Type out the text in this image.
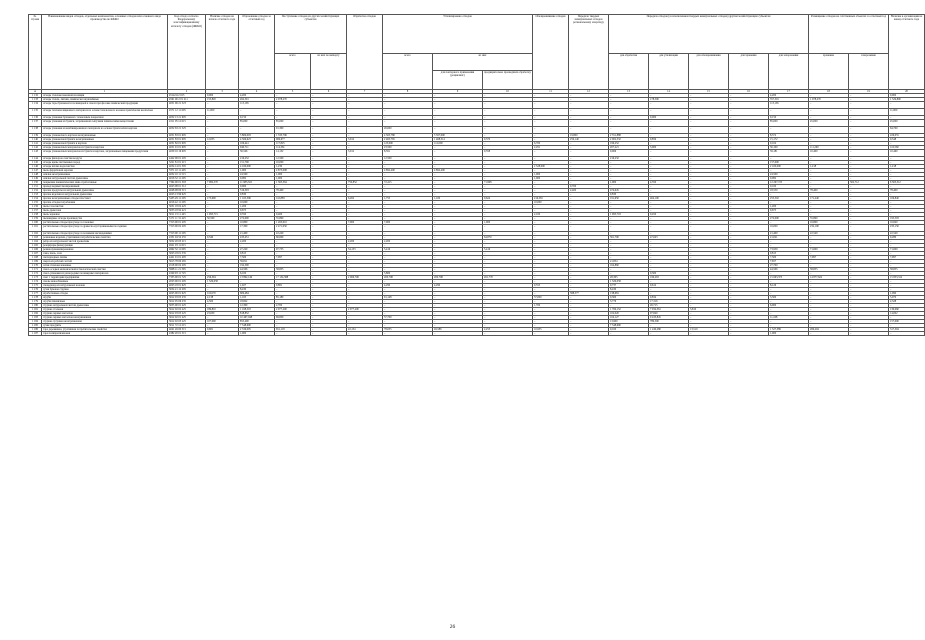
№ строки	Наименование видов отходов, отдельных компонентов, основных отходов или основного вида производства по ФККО	Код отхода согласно Федеральному классификационному каталогу отходов (ФККО)	Наличие отходов на начало отчетного года	Образование отходов за отчетный год	Поступление отходов из других хозяйствующих субъектов		Обработка отходов	Утилизировано отходов			Обезвреживание отходов	Передача твердых коммунальных отходов региональному оператору	Передача отходов (за исключением твердых коммунальных отходов) другим хозяйствующим субъектам					Размещение отходов на собственных объектах за отчетный год		Наличие в организации на конец отчетного года
					всего	из них по импорту		всего	из них				для обработки	для утилизации	для обезвреживания	для хранения	для захоронения	хранение	захоронение	
									для повторного применения (рециклинг)	предварительно прошедших обработку										
А	1	2	3	4	5	6	7	8	9	10	11	12	13	14	15	16	17	18	19	20
1 132	отходы стекловолоконной изоляции	45142112 615	0,000	4,200	–	–	–	–	–	–	–	–	–	–	–	–	4,200	–	–	0,000
1 133	отходы стекла, лигнин, химически загрязнённые	4561 00 2 01 211	155,820	492,591	2 078,270	–	–	–	–	–	–	–	–	178,500	–	–	357,501	1 078,270	–	1 529,800
1 134	отходы тары бумажной и полимерной в смеси при фасовке химической продукции	4051 96 21 523	–	113,165	–	–	–	–	–	–	–	–	–	–	–	–	113,165	–	–	–
1 135	отходы теплоизоляционного материала на основе базальтового волокна практически неопасные	4571 12 11 605	11,000	–	–	–	–	–	–	–	–	–	–	–	–	–	–	–	–	11,000
1 136	отходы упаковки бумажной с пленочным покрытием	4052 13 21 605	–	9,150	–	–	–	–	–	–	–	–	–	0,000	–	–	9,150	–	–	–
1 137	отходы упаковки из бумаги, загрязненной сыпучими химическими веществами	4311 05 12 615	–	85,000	85,000	–	–	–	–	–	–	–	–	–	–	–	85,000	45,000	–	45,000
1 138	отходы упаковки из комбинированного материала на основе бумаги и/или картона	4052 63 21 525	–	–	91,300	–	–	26,600	–	–	–	–	–	–	–	–	–	–	–	64,700
1 139	отходы упаковочного картона незагрязненные	4051 83 01 605	–	5 809,003	1 333,796	–	–	4 565,780	3 597,000	–	–	19,800	2 551,888	–	–	–	8,372	–	–	226,055
1 140	отходы упаковочной бумаги незагрязненные	4051 83 01 605	12,655	4 566,623	969,677	–	3,912	2 465,765	1 468,514	0,370	–	259,140	2 002,532	0,859	–	–	15,172	–	–	0,548
1 141	отходы упаковочной бумаги и картона	4051 82 01 605	–	106,441	117,825	–	–	125,000	112,000	–	6,700	–	196,252	–	–	–	0,104	–	–	–
1 142	отходы упаковочных материалов из бумаги и картона	4051 91 01 605	–	940,711	114,361	–	–	23,500	–	–	2,291	–	267,221	3,000	–	–	30,100	111,290	–	116,560
1 143	отходы упаковочных материалов из бумаги и картона, загрязненные пищевыми продуктами	4059 16 16 605	–	56,546	14,132	–	3,912	8,591	–	0,358	–	–	0,966	–	–	–	59,181	10,400	–	10,460
1 144	отходы фильтров очистки воздуха	4422 06 01 205	–	216,232	12,500	–	–	12,500	–	–	–	–	216,232	–	–	–	–	–	–	–
1 145	отходы щепы лиственных пород	3221 81 01 215	–	151,700	16,000	–	–	–	–	–	–	–	–	–	–	–	157,000	–	–	–
1 146	отходы шлама водоочистки	4054 14 01 395	–	4 160,000	1,230	–	–	–	–	–	2 528,000	–	–	–	–	–	2 100,000	1,218	–	1,218
1 147	пыль ферритовой окраски	3371 10 11 495	–	1,000	4 873,098	–	–	4 892,400	4 892,400	–	–	–	–	–	–	–	–	–	–	–
1 148	опилки незагрязненные	4052 10 11 515	–	24,500	1,000	–	–	–	–	–	1,000	–	–	–	–	–	24,500	–	–	–
1 149	опилки натуральной чистой древесины	4016 52 11 205	–	0,082	1,000	–	–	–	–	–	1,000	–	–	–	–	–	0,082	–	–	–
1 150	покрышки пневматических шин отработанные	7364 00 01 393	7 082,570	11 983,310	1 363,364	–	750,852	72,415	–	71,998	–	–	1,000	4,350	–	–	12 267,725	–	302,712	6 303,312
1 151	провод медный эмалированный	4623 08 01 512	–	0,000	–	–	–	–	–	–	–	0,700	–	–	–	–	0,100	–	–	–
1 152	прочие продукты из натуральной древесины	4048 98 00 515	–	516,393	78,400	–	–	–	–	–	–	2,400	474,645	–	–	–	18,550	78,400	–	78,400
1 153	прочие изделия из натуральной древесины	4023 13 99 625	–	0,830	–	–	–	–	–	–	–	–	0,830	–	–	–	–	–	–	–
1 154	прочие незагрязненные отходы пластмасс	3435 29 11 205	175,600	1 165,396	110,883	–	6,262	1,755	1,100	0,624	216,581	–	191,650	464,100	–	–	255,502	171,240	–	106,840
1 155	прочие отходы потребления	4016 42 11 205	–	10,000	–	–	–	–	–	–	10,000	–	–	–	–	–	–	–	–	–
1 156	пыль газоочистки	3031 18 02 425	–	1,200	–	–	–	–	–	–	–	–	–	–	–	–	1,200	–	–	–
1 157	пыль древесная	3053 18 92 421	–	0,675	–	–	–	–	–	–	–	–	–	–	–	–	0,675	–	–	–
1 158	пыль зерновая	3011 13 11 425	1 995,715	0,350	0,400	–	–	–	–	–	2,100	–	1 995,718	0,450	–	–	–	–	–	–
1 159	пылевидные отходы производства	3171 11 31 425	50,500	272,000	55,890	–	–	–	–	–	–	–	–	–	–	–	272,000	55,890	–	195,593
1 160	растительные отходы при уходе за газонами	7313 00 01 205	–	10,800	1 263,010	–	7,000	7,000	–	1,000	–	–	–	–	–	–	–	16,800	–	16,840
1 161	растительные отходы при уходе за древесно-кустарниковыми посадками	7313 00 02 205	–	17,300	2 471,050	–	–	–	–	–	–	–	–	–	–	–	16,000	232,100	–	235,150
1 162	растительные отходы при уходе за зелеными насаждениями	7313 00 11 205	–	21,400	22,240	–	–	–	–	–	–	–	–	–	–	–	21,400	22,540	–	22,540
1 163	резиновые изделия, утратившие потребительские свойства	4331 04 52 255	0,340	433,451	66,609	–	–	–	–	64,870	–	–	361,700	47,643	–	–	21,021	–	–	9,280
1 164	ребра из натуральной чистой древесины	3052 20 03 215	–	2,200	–	–	2,200	2,200	–	–	–	–	–	–	–	–	–	–	–	–
1 165	резервуары фильтрующие	4921 03 11 615	–	–	–	–	–	–	–	–	–	–	–	–	–	–	–	–	–	–
1 166	резина вулканизированная	4992 32 11 695	–	27,220	97,755	–	54,153	5,416	–	5,416	–	–	–	–	–	–	73,959	71,600	–	71,600
1 167	сажа, пыль, зола	3023 18 01 535	–	0,815	–	–	–	–	–	–	–	–	–	–	–	–	0,815	–	–	–
1 168	светодиодные лампы	4421 01 01 405	–	7,500	7,997	–	–	–	–	–	–	–	–	–	–	–	7,500	7,997	–	7,997
1 169	сверла из рабочих частей	3613 78 00 265	–	39,811	–	–	–	–	–	–	–	–	21,854	–	–	–	7,657	–	–	–
1 170	сетки стекловолоконные	4518 00 02 205	–	192,500	–	–	–	–	–	–	–	–	164,860	–	–	–	27,700	–	–	–
1 171	смесь осадков механической и биологической очистки	3908 11 21 395	–	44,506	58,855	–	–	–	–	–	–	–	–	–	–	–	44,506	58,855	–	58,855
1 172	смесь упаковки из разнородных полимерных материалов	4349 93 11 725	–	6,100	–	–	–	5,800	–	–	–	–	–	0,300	–	–	–	–	–	–
1 173	смет с территории предприятия	7335 00 01 725	256,394	13 892,149	17 134,588	–	2 066,706	200,798	200,798	491,770	–	–	28,305	199,263	–	–	15 663,373	14 877,622	–	15 853,312
1 174	смолы ионообменные	2023 00 01 205	1 329,058	–	–	–	–	–	–	–	–	–	1 329,058	–	–	–	–	–	–	–
1 175	спецодежда из натуральных волокон	4023 18 01 625	–	1,027	9,881	–	–	4,290	4,290	–	0,555	–	0,737	0,612	–	–	8,126	–	–	–
1 176	сухая буковая стружка	3054 21 12 295	–	8,430	–	–	–	–	–	–	–	–	8,430	–	–	–	–	–	–	–
1 177	отработанные отходы	4025 00 01 625	116,070	609,484	–	–	–	–	–	–	–	588,577	138,681	–	–	–	–	–	–	1,090
1 178	отруби	3612 03 05 235	2,138	1,165	85,180	–	–	91,148	–	–	37,000	–	0,300	0,834	–	–	3,300	–	–	5,070
1 179	отруби пшеничные	3612 05 06 235	4,500	18,822	–	–	–	–	–	–	–	–	3,776	17,316	–	–	–	–	–	2,328
1 180	стружка натуральной чистой древесины	3055 00 01 225	–	12,300	2,700	–	–	–	–	–	1,700	–	–	26,715	–	–	6,000	–	–	–
1 181	стружка стальная	3612 02 02 225	189,810	1 168,518	2 977,200	–	2 977,200	–	–	–	–	–	1 769,152	7 934,361	3,810	–	–	–	–	130,060
1 182	стружка черных металлов	3612 03 05 225	23,630	818,832	–	–	–	–	–	–	–	–	102,020	97,840	–	–	–	–	–	14,002
1 183	стружка черных металлов незагрязненная	3612 02 01 225	–	10 467,048	69,850	–	–	37,700	–	–	–	–	104,127	9 433,845	–	–	11,168	–	–	–
1 184	стружка чугунная незагрязненная	3612 02 03 225	107,000	855,400	–	–	–	–	–	–	–	–	13,900	789,500	–	–	–	–	–	157,000
1 185	сухие продукты	3011 72 12 215	–	7 548,600	–	–	–	–	–	–	–	–	7 548,600	–	–	–	–	–	–	–
1 186	тара деревянная, утратившая потребительские свойства	4041 49 00 515	0,681	2 536,095	651,118	–	22,154	78,035	49,586	2,253	10,935	–	0,100	1 240,280	13,510	–	1 527,389	269,204	–	317,304
1 187	тара полипропиленовая	4382 20 01 515	–	1,000	–	–	–	–	–	–	–	–	–	–	–	–	1,000	–	–	–
26
